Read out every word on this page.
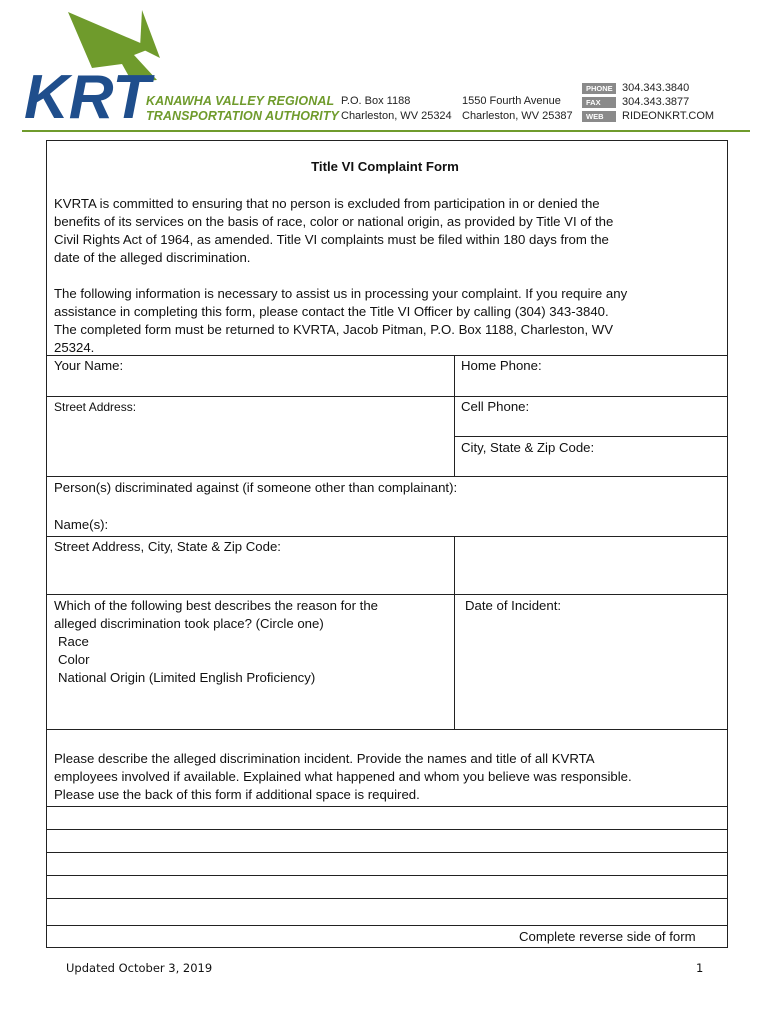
KRT
KANAWHA VALLEY REGIONAL
TRANSPORTATION AUTHORITY
P.O. Box 1188
Charleston, WV 25324
1550 Fourth Avenue
Charleston, WV 25387
PHONE 304.343.3840
FAX	304.343.3877
WEB	RIDEONKRT.COM
Title VI Complaint Form
KVRTA is committed to ensuring that no person is excluded from participation in or denied the
benefits of its services on the basis of race, color or national origin, as provided by Title VI of the
Civil Rights Act of 1964, as amended. Title VI complaints must be filed within 180 days from the
date of the alleged discrimination.
The following information is necessary to assist us in processing your complaint. If you require any
assistance in completing this form, please contact the Title VI Officer by calling (304) 343-3840.
The completed form must be returned to KVRTA, Jacob Pitman, P.O. Box 1188, Charleston, WV
25324.
Your Name:	Home Phone:
Street Address:	Cell Phone:
City, State & Zip Code:
Person(s) discriminated against (if someone other than complainant):
Name(s):
Street Address, City, State & Zip Code:
Which of the following best describes the reason for the
alleged discrimination took place? (Circle one)
Race
Color
National Origin (Limited English Proficiency)
Date of Incident:
Please describe the alleged discrimination incident. Provide the names and title of all KVRTA
employees involved if available. Explained what happened and whom you believe was responsible.
Please use the back of this form if additional space is required.
Complete reverse side of form
Updated October 3, 2019	1
